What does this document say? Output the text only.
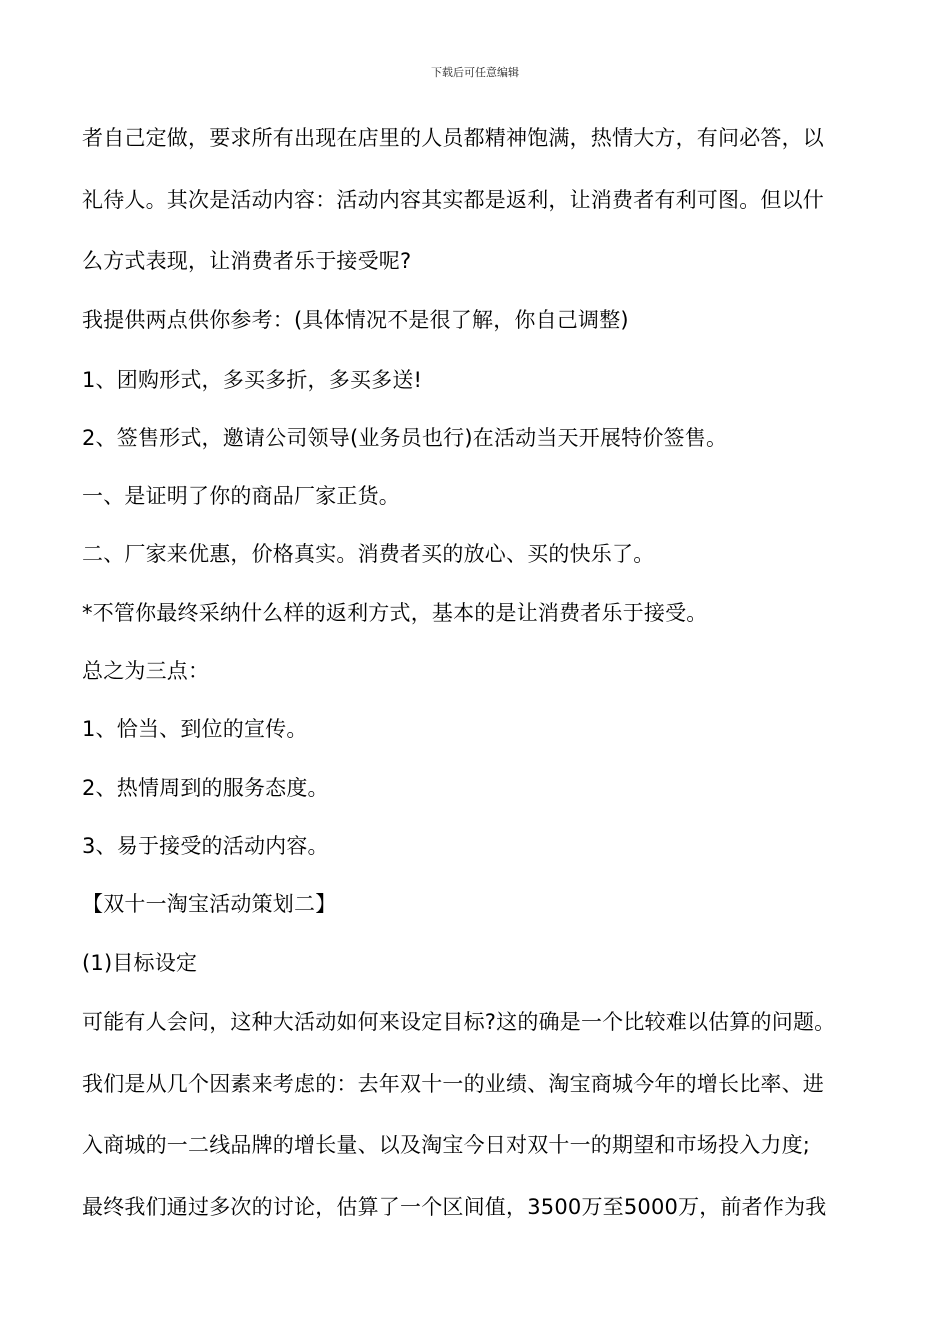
下载后可任意编辑
者自己定做，要求所有出现在店里的人员都精神饱满，热情大方，有问必答，以
礼待人。其次是活动内容：活动内容其实都是返利，让消费者有利可图。但以什
么方式表现，让消费者乐于接受呢?
我提供两点供你参考：(具体情况不是很了解，你自己调整)
1、团购形式，多买多折，多买多送!
2、签售形式，邀请公司领导(业务员也行)在活动当天开展特价签售。
一、是证明了你的商品厂家正货。
二、厂家来优惠，价格真实。消费者买的放心、买的快乐了。
*不管你最终采纳什么样的返利方式，基本的是让消费者乐于接受。
总之为三点：
1、恰当、到位的宣传。
2、热情周到的服务态度。
3、易于接受的活动内容。
【双十一淘宝活动策划二】
(1)目标设定
可能有人会问，这种大活动如何来设定目标?这的确是一个比较难以估算的问题。
我们是从几个因素来考虑的：去年双十一的业绩、淘宝商城今年的增长比率、进
入商城的一二线品牌的增长量、以及淘宝今日对双十一的期望和市场投入力度;
最终我们通过多次的讨论，估算了一个区间值，3500万至5000万，前者作为我
